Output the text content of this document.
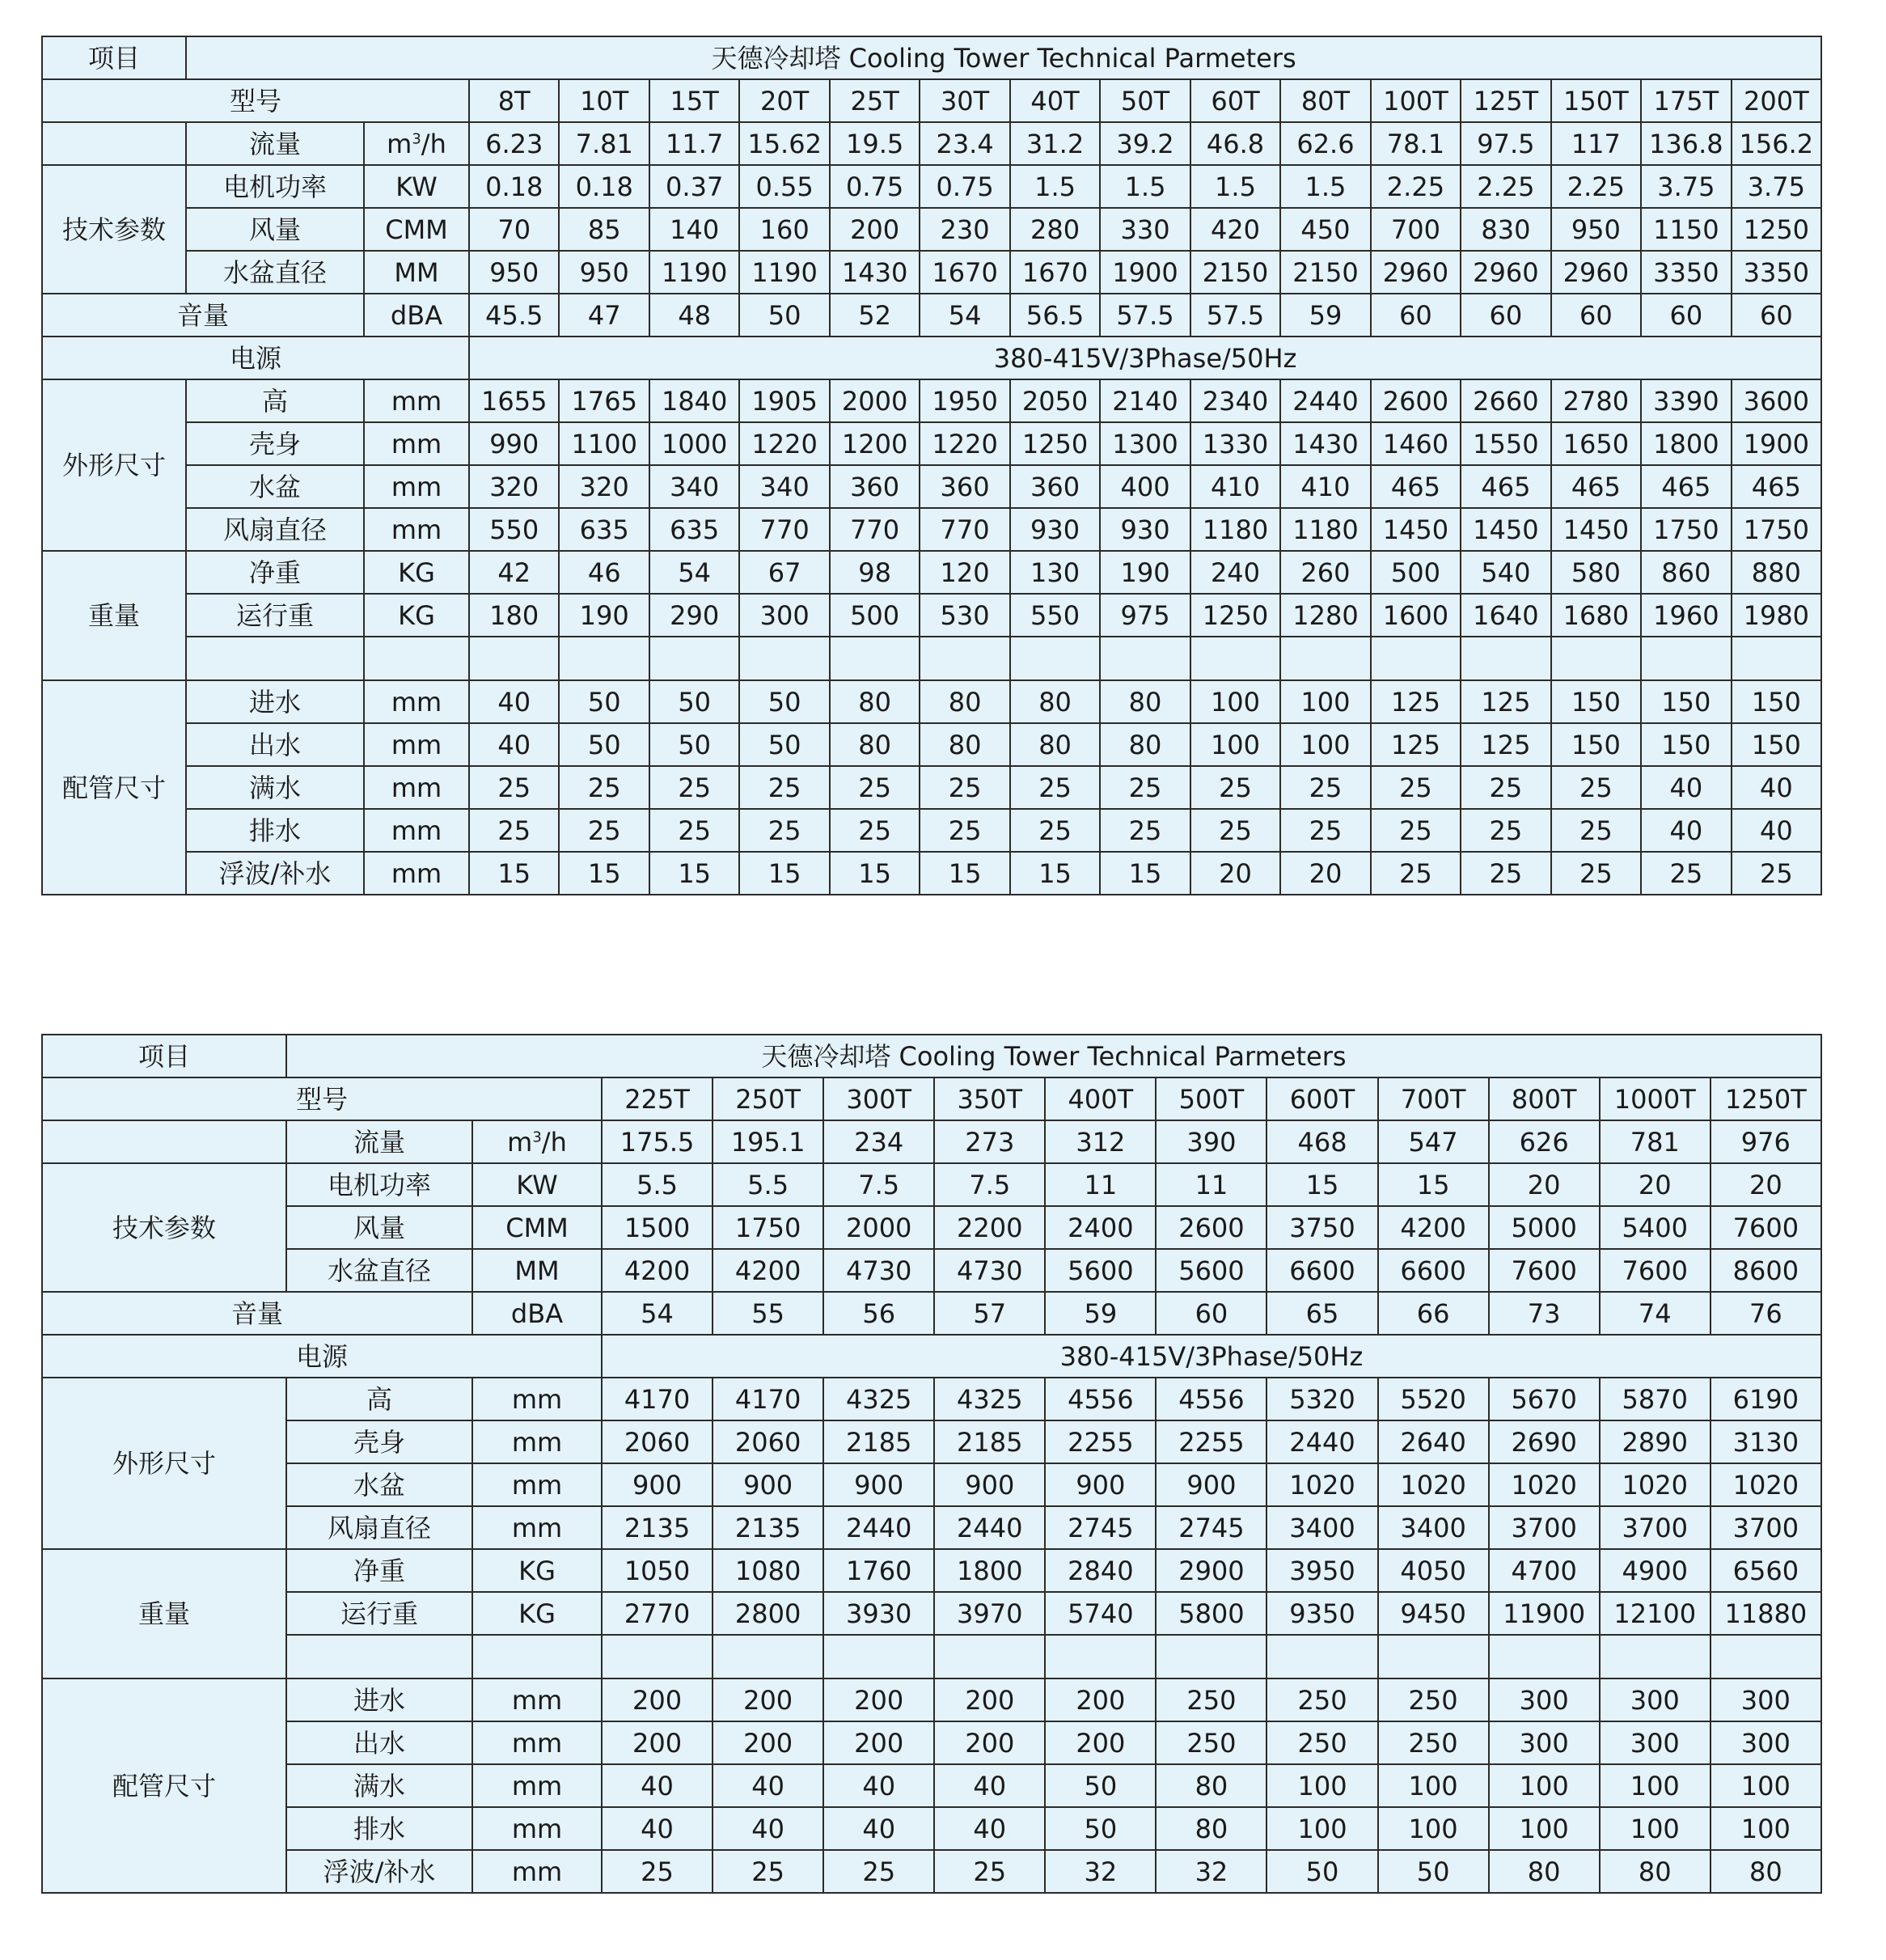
项目	天德冷却塔 Cooling Tower Technical Parmeters																
型号			8T	10T	15T	20T	25T	30T	40T	50T	60T	80T	100T	125T	150T	175T	200T
	流量	$m^3/h$	6.23	7.81	11.7	15.62	19.5	23.4	31.2	39.2	46.8	62.6	78.1	97.5	117	136.8	156.2
技术参数	电机功率	KW	0.18	0.18	0.37	0.55	0.75	0.75	1.5	1.5	1.5	1.5	2.25	2.25	2.25	3.75	3.75
	风量	CMM	70	85	140	160	200	230	280	330	420	450	700	830	950	1150	1250
	水盆直径	MM	950	950	1190	1190	1430	1670	1670	1900	2150	2150	2960	2960	2960	3350	3350
音量		dBA	45.5	47	48	50	52	54	56.5	57.5	57.5	59	60	60	60	60	60
电源			380-415V/3Phase/50Hz														
外形尺寸	高	mm	1655	1765	1840	1905	2000	1950	2050	2140	2340	2440	2600	2660	2780	3390	3600
	壳身	mm	990	1100	1000	1220	1200	1220	1250	1300	1330	1430	1460	1550	1650	1800	1900
	水盆	mm	320	320	340	340	360	360	360	400	410	410	465	465	465	465	465
	风扇直径	mm	550	635	635	770	770	770	930	930	1180	1180	1450	1450	1450	1750	1750
重量	净重	KG	42	46	54	67	98	120	130	190	240	260	500	540	580	860	880
	运行重	KG	180	190	290	300	500	530	550	975	1250	1280	1600	1640	1680	1960	1980

配管尺寸	进水	mm	40	50	50	50	80	80	80	80	100	100	125	125	150	150	150
	出水	mm	40	50	50	50	80	80	80	80	100	100	125	125	150	150	150
	满水	mm	25	25	25	25	25	25	25	25	25	25	25	25	25	40	40
	排水	mm	25	25	25	25	25	25	25	25	25	25	25	25	25	40	40
	浮波/补水	mm	15	15	15	15	15	15	15	15	20	20	25	25	25	25	25
项目	天德冷却塔 Cooling Tower Technical Parmeters												
型号			225T	250T	300T	350T	400T	500T	600T	700T	800T	1000T	1250T
	流量	$m^3/h$	175.5	195.1	234	273	312	390	468	547	626	781	976
技术参数	电机功率	KW	5.5	5.5	7.5	7.5	11	11	15	15	20	20	20
	风量	CMM	1500	1750	2000	2200	2400	2600	3750	4200	5000	5400	7600
	水盆直径	MM	4200	4200	4730	4730	5600	5600	6600	6600	7600	7600	8600
音量		dBA	54	55	56	57	59	60	65	66	73	74	76
电源			380-415V/3Phase/50Hz										
外形尺寸	高	mm	4170	4170	4325	4325	4556	4556	5320	5520	5670	5870	6190
	壳身	mm	2060	2060	2185	2185	2255	2255	2440	2640	2690	2890	3130
	水盆	mm	900	900	900	900	900	900	1020	1020	1020	1020	1020
	风扇直径	mm	2135	2135	2440	2440	2745	2745	3400	3400	3700	3700	3700
重量	净重	KG	1050	1080	1760	1800	2840	2900	3950	4050	4700	4900	6560
	运行重	KG	2770	2800	3930	3970	5740	5800	9350	9450	11900	12100	11880

配管尺寸	进水	mm	200	200	200	200	200	250	250	250	300	300	300
	出水	mm	200	200	200	200	200	250	250	250	300	300	300
	满水	mm	40	40	40	40	50	80	100	100	100	100	100
	排水	mm	40	40	40	40	50	80	100	100	100	100	100
	浮波/补水	mm	25	25	25	25	32	32	50	50	80	80	80
